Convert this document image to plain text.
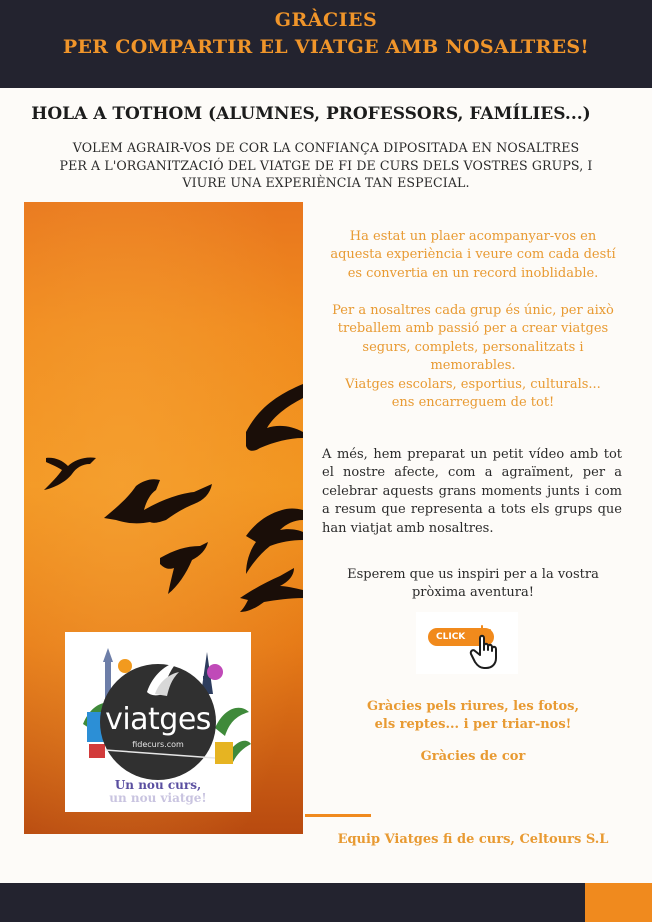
GRÀCIES
PER COMPARTIR EL VIATGE AMB NOSALTRES!
HOLA A TOTHOM (ALUMNES, PROFESSORS, FAMÍLIES...)
VOLEM AGRAIR-VOS DE COR LA CONFIANÇA DIPOSITADA EN NOSALTRES
PER A L'ORGANITZACIÓ DEL VIATGE DE FI DE CURS DELS VOSTRES GRUPS, I
VIURE UNA EXPERIÈNCIA TAN ESPECIAL.
viatges
fidecurs.com
Un nou curs,
un nou viatge!
Ha estat un plaer acompanyar-vos en
aquesta experiència i veure com cada destí
es convertia en un record inoblidable.
Per a nosaltres cada grup és únic, per això
treballem amb passió per a crear viatges
segurs, complets, personalitzats i
memorables.
Viatges escolars, esportius, culturals...
ens encarreguem de tot!
A més, hem preparat un petit vídeo amb tot el nostre afecte, com a agraïment, per a celebrar aquests grans moments junts i com a resum que representa a tots els grups que han viatjat amb nosaltres.
Esperem que us inspiri per a la vostra
pròxima aventura!
CLICK
Gràcies pels riures, les fotos,
els reptes... i per triar-nos!
Gràcies de cor
Equip Viatges fi de curs, Celtours S.L
